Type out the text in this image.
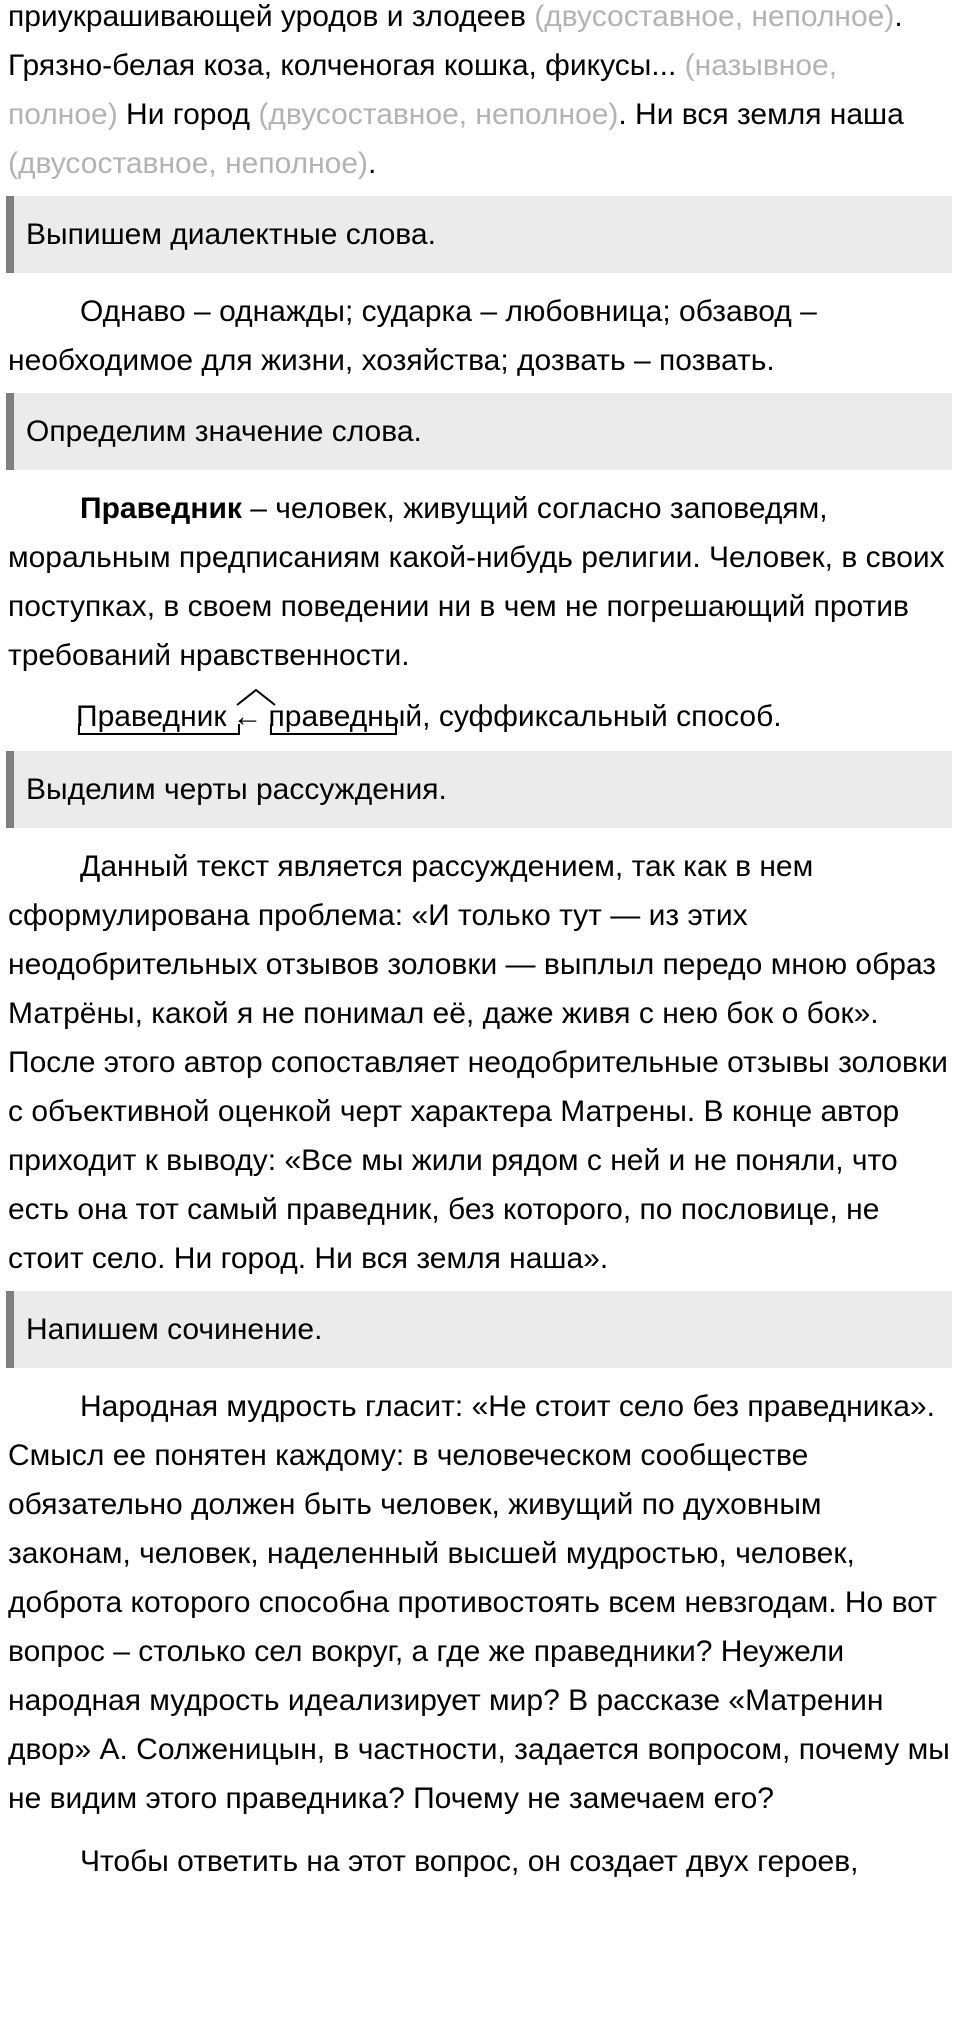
приукрашивающей уродов и злодеев (двусоставное, неполное). Грязно-белая коза, колченогая кошка, фикусы... (назывное, полное) Ни город (двусоставное, неполное). Ни вся земля наша (двусоставное, неполное).

Выпишем диалектные слова.

Однаво – однажды; сударка – любовница; обзавод – необходимое для жизни, хозяйства; дозвать – позвать.

Определим значение слова.

Праведник – человек, живущий согласно заповедям, моральным предписаниям какой-нибудь религии. Человек, в своих поступках, в своем поведении ни в чем не погрешающий против требований нравственности.

Праведник ← праведн
ый, суффиксальный способ.
Выделим черты рассуждения.

Данный текст является рассуждением, так как в нем сформулирована проблема: «И только тут — из этих неодобрительных отзывов золовки — выплыл передо мною образ Матрёны, какой я не понимал её, даже живя с нею бок о бок». После этого автор сопоставляет неодобрительные отзывы золовки с объективной оценкой черт характера Матрены. В конце автор приходит к выводу: «Все мы жили рядом с ней и не поняли, что есть она тот самый праведник, без которого, по пословице, не стоит село. Ни город. Ни вся земля наша».

Напишем сочинение.

Народная мудрость гласит: «Не стоит село без праведника». Смысл ее понятен каждому: в человеческом сообществе обязательно должен быть человек, живущий по духовным законам, человек, наделенный высшей мудростью, человек, доброта которого способна противостоять всем невзгодам. Но вот вопрос – столько сел вокруг, а где же праведники? Неужели народная мудрость идеализирует мир? В рассказе «Матренин двор» А. Солженицын, в частности, задается вопросом, почему мы не видим этого праведника? Почему не замечаем его?

Чтобы ответить на этот вопрос, он создает двух героев,
